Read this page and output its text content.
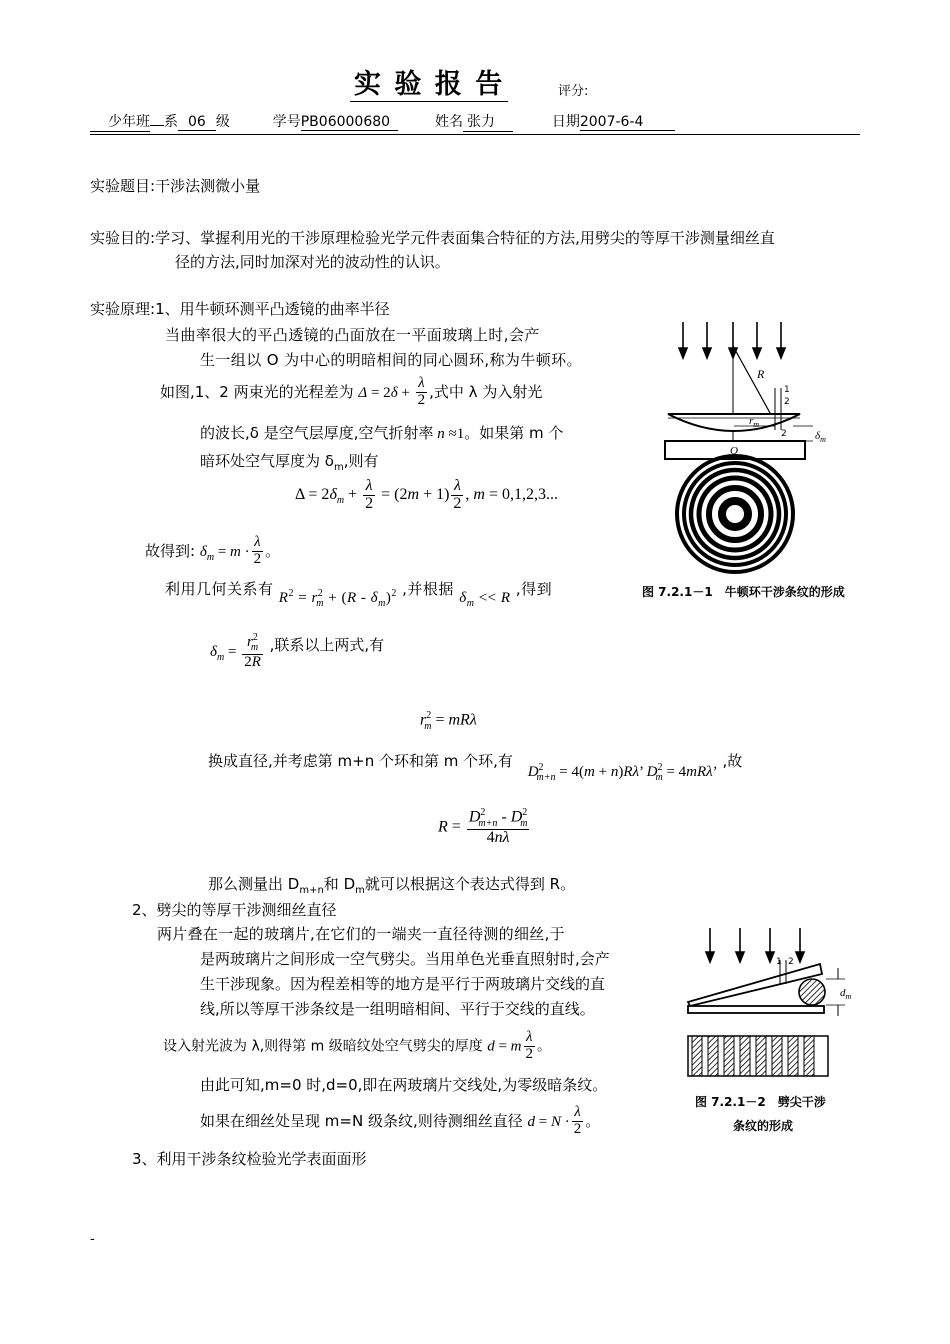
实 验 报 告	评分:
少年班 系 06 级	学号PB06000680	姓名 张力	日期2007-6-4
实验题目:干涉法测微小量
实验目的:学习、掌握利用光的干涉原理检验光学元件表面集合特征的方法,用劈尖的等厚干涉测量细丝直
径的方法,同时加深对光的波动性的认识。
实验原理:1、用牛顿环测平凸透镜的曲率半径
当曲率很大的平凸透镜的凸面放在一平面玻璃上时,会产
生一组以 O 为中心的明暗相间的同心圆环,称为牛顿环。
如图,1、2 两束光的光程差为 $\Delta = 2\delta + \frac{\lambda}{2}$ ,式中 λ 为入射光
的波长,δ 是空气层厚度,空气折射率 n ≈1。如果第 m 个
暗环处空气厚度为 $\delta_m$,则有
$\Delta = 2\delta_m + \frac{\lambda}{2} = (2m + 1) \frac{\lambda}{2}$ , m = 0,1,2,3...
故得到: $\delta_m = m \cdot \frac{\lambda}{2}$ 。
利用几何关系有 $R^2 = r^2_m + (R - \delta_m)^2$ ,并根据 $\delta_m << R$ ,得到
$\delta_m = \frac{r^2_m}{2R}$ ,联系以上两式,有
$r^2_m = mR\lambda$
换成直径,并考虑第 m+n 个环和第 m 个环,有 $D^2_{m+n} = 4(m + n)R\lambda$’ $D^2_m = 4mR\lambda$’ ,故
$R = \frac{D^2_{m+n} - D^2_m}{4n\lambda}$
那么测量出 $D_{m+n}$和 $D_m$就可以根据这个表达式得到 R。
2、劈尖的等厚干涉测细丝直径
两片叠在一起的玻璃片,在它们的一端夹一直径待测的细丝,于
是两玻璃片之间形成一空气劈尖。当用单色光垂直照射时,会产
生干涉现象。因为程差相等的地方是平行于两玻璃片交线的直
线,所以等厚干涉条纹是一组明暗相间、平行于交线的直线。
设入射光波为 λ,则得第 m 级暗纹处空气劈尖的厚度 d = m $\frac{\lambda}{2}$ 。
由此可知,m=0 时,d=0,即在两玻璃片交线处,为零级暗条纹。
如果在细丝处呈现 m=N 级条纹,则待测细丝直径 $d = N \cdot \frac{\lambda}{2}$ 。
3、利用干涉条纹检验光学表面面形
R
$r_m$
1
2
2	$\delta_m$
O
图 7.2.1－1　牛顿环干涉条纹的形成
1 2
$d_m$
图 7.2.1－2　劈尖干涉
条纹的形成
-
